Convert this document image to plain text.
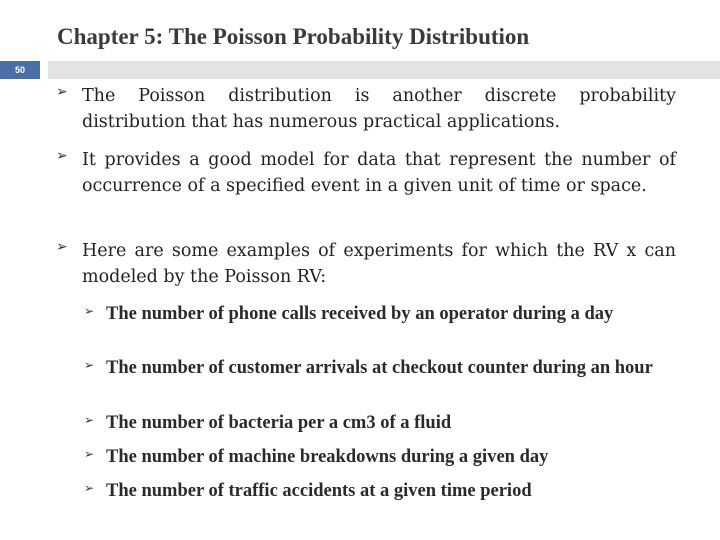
Chapter 5: The Poisson Probability Distribution
50
➢ The Poisson distribution is another discrete probability distribution that has numerous practical applications.
➢ It provides a good model for data that represent the number of occurrence of a specified event in a given unit of time or space.
➢ Here are some examples of experiments for which the RV x can modeled by the Poisson RV:
➢ The number of phone calls received by an operator during a day
➢ The number of customer arrivals at checkout counter during an hour
➢ The number of bacteria per a cm3 of a fluid
➢ The number of machine breakdowns during a given day
➢ The number of traffic accidents at a given time period
